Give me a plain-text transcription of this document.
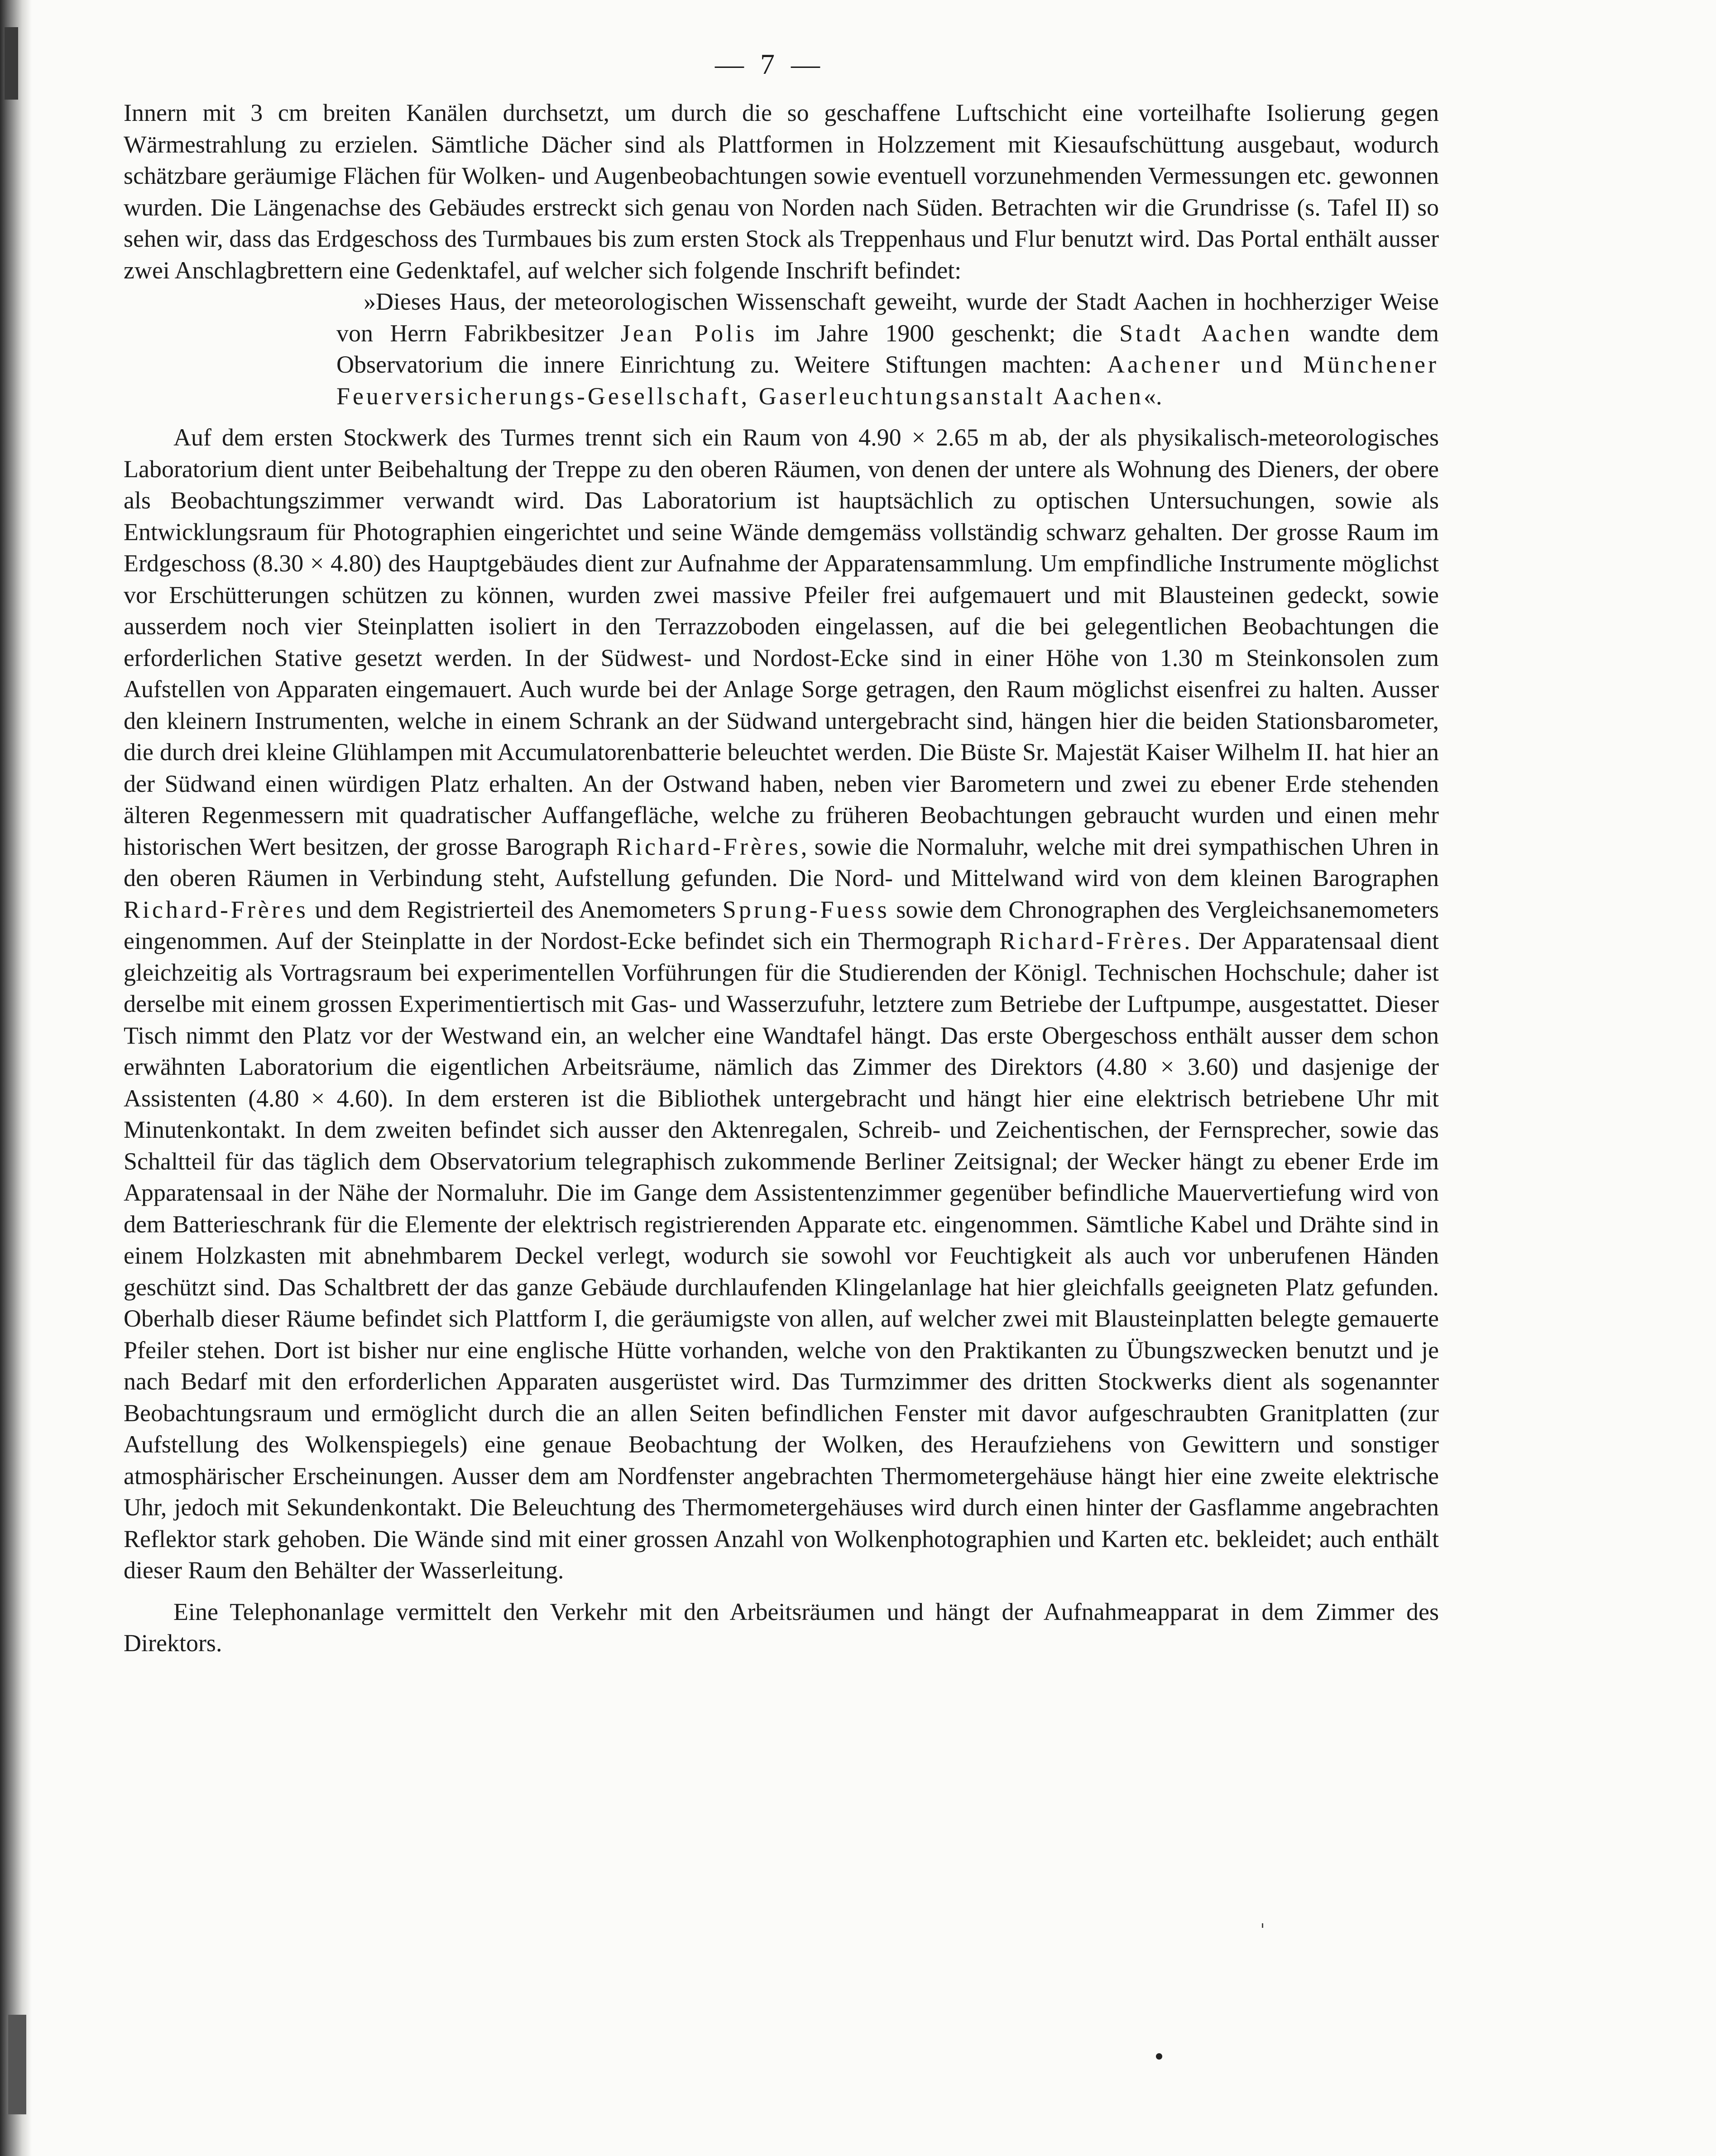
— 7 —

Innern mit 3 cm breiten Kanälen durchsetzt, um durch die so geschaffene Luftschicht eine vorteilhafte Isolierung gegen Wärmestrahlung zu erzielen. Sämtliche Dächer sind als Plattformen in Holzzement mit Kiesaufschüttung ausgebaut, wodurch schätzbare geräumige Flächen für Wolken- und Augenbeobachtungen sowie eventuell vorzunehmenden Vermessungen etc. gewonnen wurden. Die Längenachse des Gebäudes erstreckt sich genau von Norden nach Süden. Betrachten wir die Grundrisse (s. Tafel II) so sehen wir, dass das Erdgeschoss des Turmbaues bis zum ersten Stock als Treppenhaus und Flur benutzt wird. Das Portal enthält ausser zwei Anschlagbrettern eine Gedenktafel, auf welcher sich folgende Inschrift befindet:

»Dieses Haus, der meteorologischen Wissenschaft geweiht, wurde der Stadt Aachen in hochherziger Weise von Herrn Fabrikbesitzer Jean Polis im Jahre 1900 geschenkt; die Stadt Aachen wandte dem Observatorium die innere Einrichtung zu. Weitere Stiftungen machten: Aachener und Münchener Feuerversicherungs-Gesellschaft, Gaserleuchtungsanstalt Aachen«.

Auf dem ersten Stockwerk des Turmes trennt sich ein Raum von 4.90 × 2.65 m ab, der als physikalisch-meteorologisches Laboratorium dient unter Beibehaltung der Treppe zu den oberen Räumen, von denen der untere als Wohnung des Dieners, der obere als Beobachtungszimmer verwandt wird. Das Laboratorium ist hauptsächlich zu optischen Untersuchungen, sowie als Entwicklungsraum für Photographien eingerichtet und seine Wände demgemäss vollständig schwarz gehalten. Der grosse Raum im Erdgeschoss (8.30 × 4.80) des Hauptgebäudes dient zur Aufnahme der Apparatensammlung. Um empfindliche Instrumente möglichst vor Erschütterungen schützen zu können, wurden zwei massive Pfeiler frei aufgemauert und mit Blausteinen gedeckt, sowie ausserdem noch vier Steinplatten isoliert in den Terrazzoboden eingelassen, auf die bei gelegentlichen Beobachtungen die erforderlichen Stative gesetzt werden. In der Südwest- und Nordost-Ecke sind in einer Höhe von 1.30 m Steinkonsolen zum Aufstellen von Apparaten eingemauert. Auch wurde bei der Anlage Sorge getragen, den Raum möglichst eisenfrei zu halten. Ausser den kleinern Instrumenten, welche in einem Schrank an der Südwand untergebracht sind, hängen hier die beiden Stationsbarometer, die durch drei kleine Glühlampen mit Accumulatorenbatterie beleuchtet werden. Die Büste Sr. Majestät Kaiser Wilhelm II. hat hier an der Südwand einen würdigen Platz erhalten. An der Ostwand haben, neben vier Barometern und zwei zu ebener Erde stehenden älteren Regenmessern mit quadratischer Auffangefläche, welche zu früheren Beobachtungen gebraucht wurden und einen mehr historischen Wert besitzen, der grosse Barograph Richard-Frères, sowie die Normaluhr, welche mit drei sympathischen Uhren in den oberen Räumen in Verbindung steht, Aufstellung gefunden. Die Nord- und Mittelwand wird von dem kleinen Barographen Richard-Frères und dem Registrierteil des Anemometers Sprung-Fuess sowie dem Chronographen des Vergleichsanemometers eingenommen. Auf der Steinplatte in der Nordost-Ecke befindet sich ein Thermograph Richard-Frères. Der Apparatensaal dient gleichzeitig als Vortragsraum bei experimentellen Vorführungen für die Studierenden der Königl. Technischen Hochschule; daher ist derselbe mit einem grossen Experimentiertisch mit Gas- und Wasserzufuhr, letztere zum Betriebe der Luftpumpe, ausgestattet. Dieser Tisch nimmt den Platz vor der Westwand ein, an welcher eine Wandtafel hängt. Das erste Obergeschoss enthält ausser dem schon erwähnten Laboratorium die eigentlichen Arbeitsräume, nämlich das Zimmer des Direktors (4.80 × 3.60) und dasjenige der Assistenten (4.80 × 4.60). In dem ersteren ist die Bibliothek untergebracht und hängt hier eine elektrisch betriebene Uhr mit Minutenkontakt. In dem zweiten befindet sich ausser den Aktenregalen, Schreib- und Zeichentischen, der Fernsprecher, sowie das Schaltteil für das täglich dem Observatorium telegraphisch zukommende Berliner Zeitsignal; der Wecker hängt zu ebener Erde im Apparatensaal in der Nähe der Normaluhr. Die im Gange dem Assistentenzimmer gegenüber befindliche Mauervertiefung wird von dem Batterieschrank für die Elemente der elektrisch registrierenden Apparate etc. eingenommen. Sämtliche Kabel und Drähte sind in einem Holzkasten mit abnehmbarem Deckel verlegt, wodurch sie sowohl vor Feuchtigkeit als auch vor unberufenen Händen geschützt sind. Das Schaltbrett der das ganze Gebäude durchlaufenden Klingelanlage hat hier gleichfalls geeigneten Platz gefunden. Oberhalb dieser Räume befindet sich Plattform I, die geräumigste von allen, auf welcher zwei mit Blausteinplatten belegte gemauerte Pfeiler stehen. Dort ist bisher nur eine englische Hütte vorhanden, welche von den Praktikanten zu Übungszwecken benutzt und je nach Bedarf mit den erforderlichen Apparaten ausgerüstet wird. Das Turmzimmer des dritten Stockwerks dient als sogenannter Beobachtungsraum und ermöglicht durch die an allen Seiten befindlichen Fenster mit davor aufgeschraubten Granitplatten (zur Aufstellung des Wolkenspiegels) eine genaue Beobachtung der Wolken, des Heraufziehens von Gewittern und sonstiger atmosphärischer Erscheinungen. Ausser dem am Nordfenster angebrachten Thermometergehäuse hängt hier eine zweite elektrische Uhr, jedoch mit Sekundenkontakt. Die Beleuchtung des Thermometergehäuses wird durch einen hinter der Gasflamme angebrachten Reflektor stark gehoben. Die Wände sind mit einer grossen Anzahl von Wolkenphotographien und Karten etc. bekleidet; auch enthält dieser Raum den Behälter der Wasserleitung.

Eine Telephonanlage vermittelt den Verkehr mit den Arbeitsräumen und hängt der Aufnahmeapparat in dem Zimmer des Direktors.
